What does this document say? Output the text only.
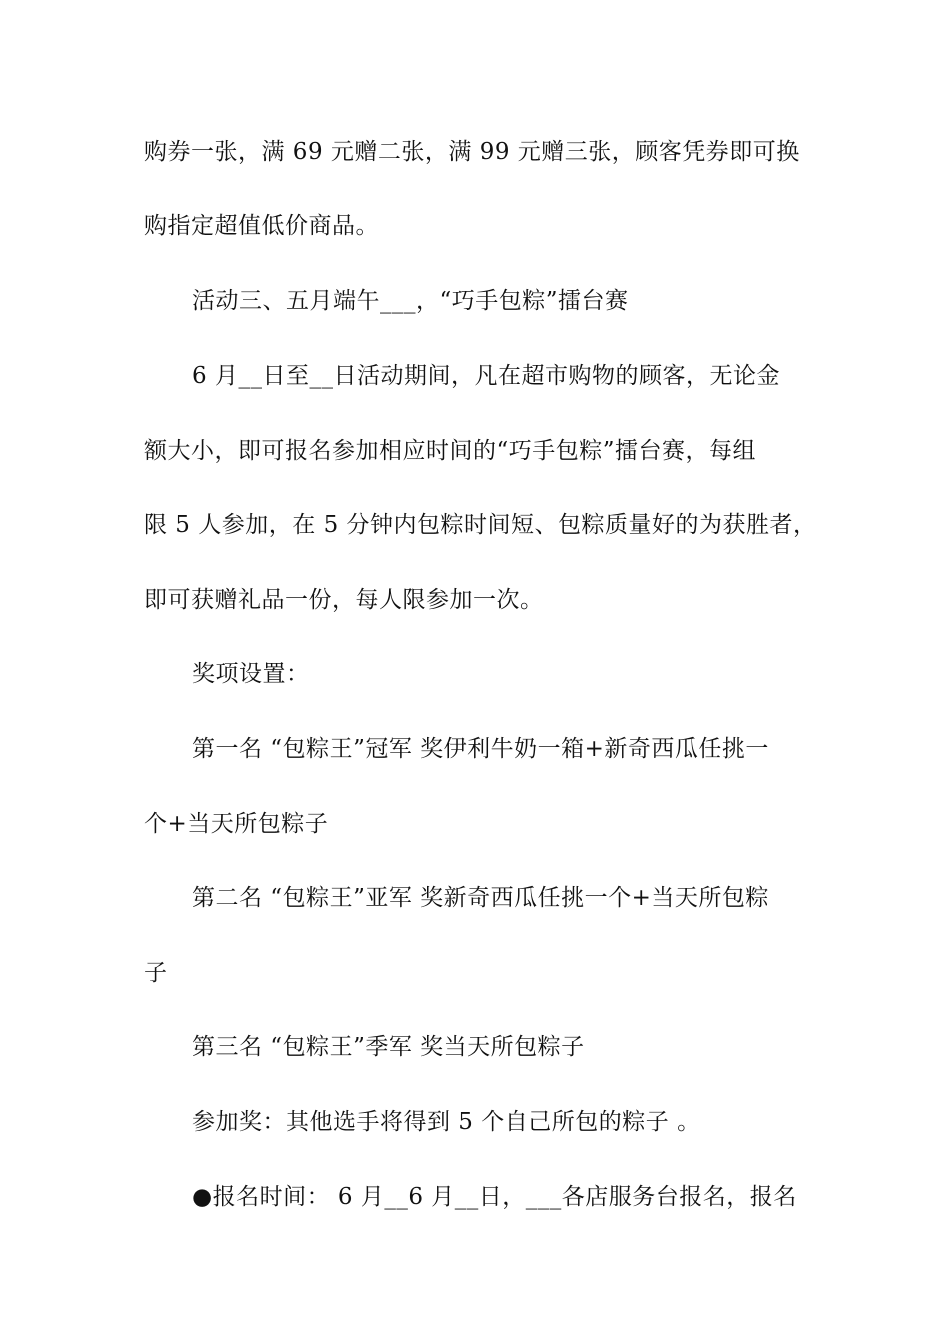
购券一张，满 69 元赠二张，满 99 元赠三张，顾客凭券即可换
购指定超值低价商品。
活动三、五月端午___，“巧手包粽”擂台赛
6 月__日至__日活动期间，凡在超市购物的顾客，无论金
额大小，即可报名参加相应时间的“巧手包粽”擂台赛，每组
限 5 人参加，在 5 分钟内包粽时间短、包粽质量好的为获胜者，
即可获赠礼品一份，每人限参加一次。
奖项设置：
第一名 “包粽王”冠军 奖伊利牛奶一箱+新奇西瓜任挑一
个+当天所包粽子
第二名 “包粽王”亚军 奖新奇西瓜任挑一个+当天所包粽
子
第三名 “包粽王”季军 奖当天所包粽子
参加奖：其他选手将得到 5 个自己所包的粽子 。
●报名时间： 6 月__6 月__日，___各店服务台报名，报名
